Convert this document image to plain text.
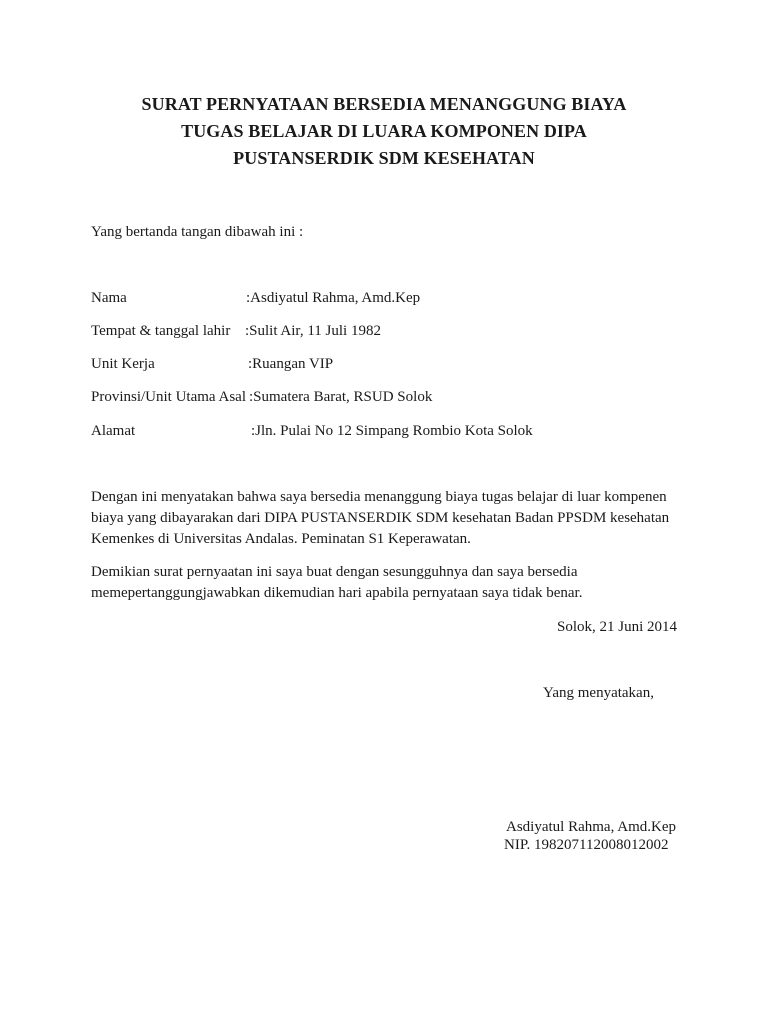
SURAT PERNYATAAN BERSEDIA MENANGGUNG BIAYA
TUGAS BELAJAR DI LUARA KOMPONEN DIPA
PUSTANSERDIK SDM KESEHATAN
Yang bertanda tangan dibawah ini :
Nama	:Asdiyatul Rahma, Amd.Kep
Tempat & tanggal lahir :Sulit Air, 11 Juli 1982
Unit Kerja	:Ruangan VIP
Provinsi/Unit Utama Asal :Sumatera Barat, RSUD Solok
Alamat	:Jln. Pulai No 12 Simpang Rombio Kota Solok
Dengan ini menyatakan bahwa saya bersedia menanggung biaya tugas belajar di luar kompenen
biaya yang dibayarakan dari DIPA PUSTANSERDIK SDM kesehatan Badan PPSDM kesehatan
Kemenkes di Universitas Andalas. Peminatan S1 Keperawatan.
Demikian surat pernyaatan ini saya buat dengan sesungguhnya dan saya bersedia
memepertanggungjawabkan dikemudian hari apabila pernyataan saya tidak benar.
Solok, 21 Juni 2014
Yang menyatakan,
Asdiyatul Rahma, Amd.Kep
NIP. 198207112008012002
